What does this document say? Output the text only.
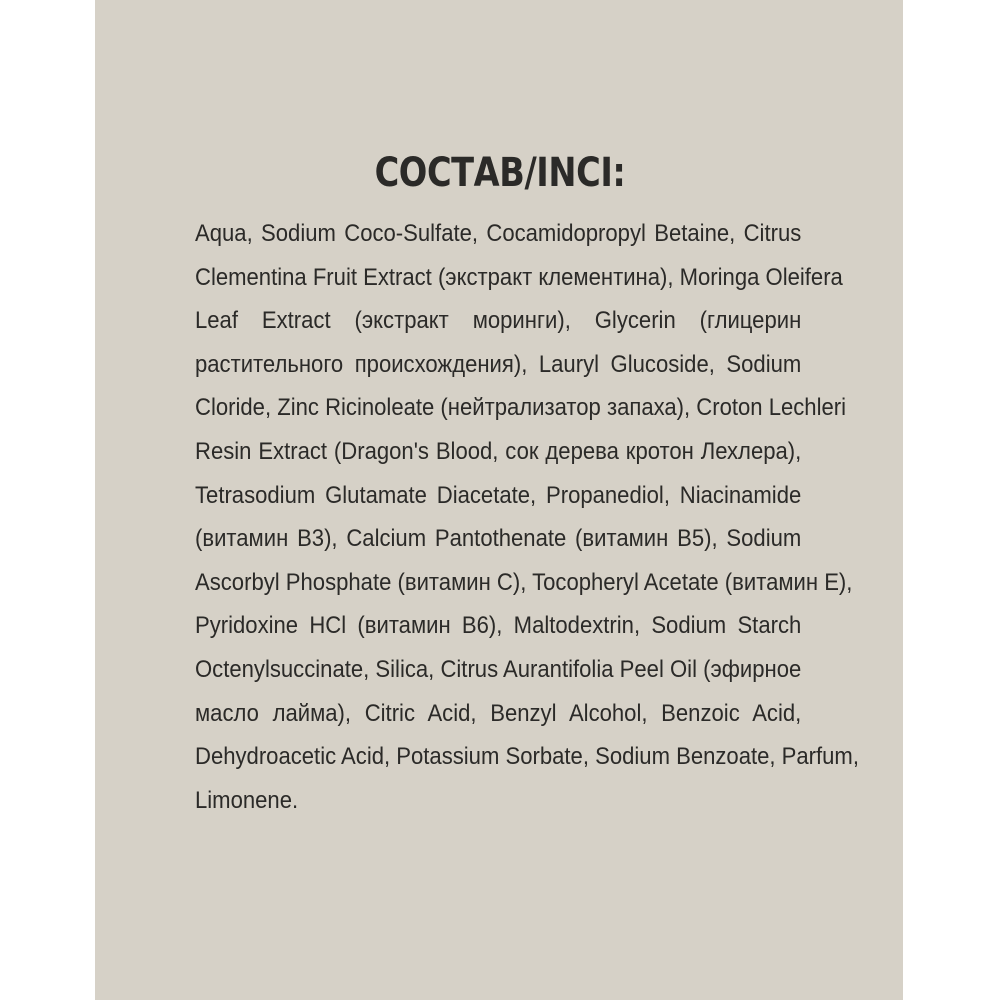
СОСТАВ/INCI:
Aqua, Sodium Coco-Sulfate, Cocamidopropyl Betaine, Citrus
Clementina Fruit Extract (экстракт клементина), Moringa Oleifera
Leaf Extract (экстракт моринги), Glycerin (глицерин
растительного происхождения), Lauryl Glucoside, Sodium
Cloride, Zinc Ricinoleate (нейтрализатор запаха), Croton Lechleri
Resin Extract (Dragon's Blood, сок дерева кротон Лехлера),
Tetrasodium Glutamate Diacetate, Propanediol, Niacinamide
(витамин B3), Calcium Pantothenate (витамин B5), Sodium
Ascorbyl Phosphate (витамин C), Tocopheryl Acetate (витамин E),
Pyridoxine HCl (витамин B6), Maltodextrin, Sodium Starch
Octenylsuccinate, Silica, Citrus Aurantifolia Peel Oil (эфирное
масло лайма), Citric Acid, Benzyl Alcohol, Benzoic Acid,
Dehydroacetic Acid, Potassium Sorbate, Sodium Benzoate, Parfum,
Limonene.
